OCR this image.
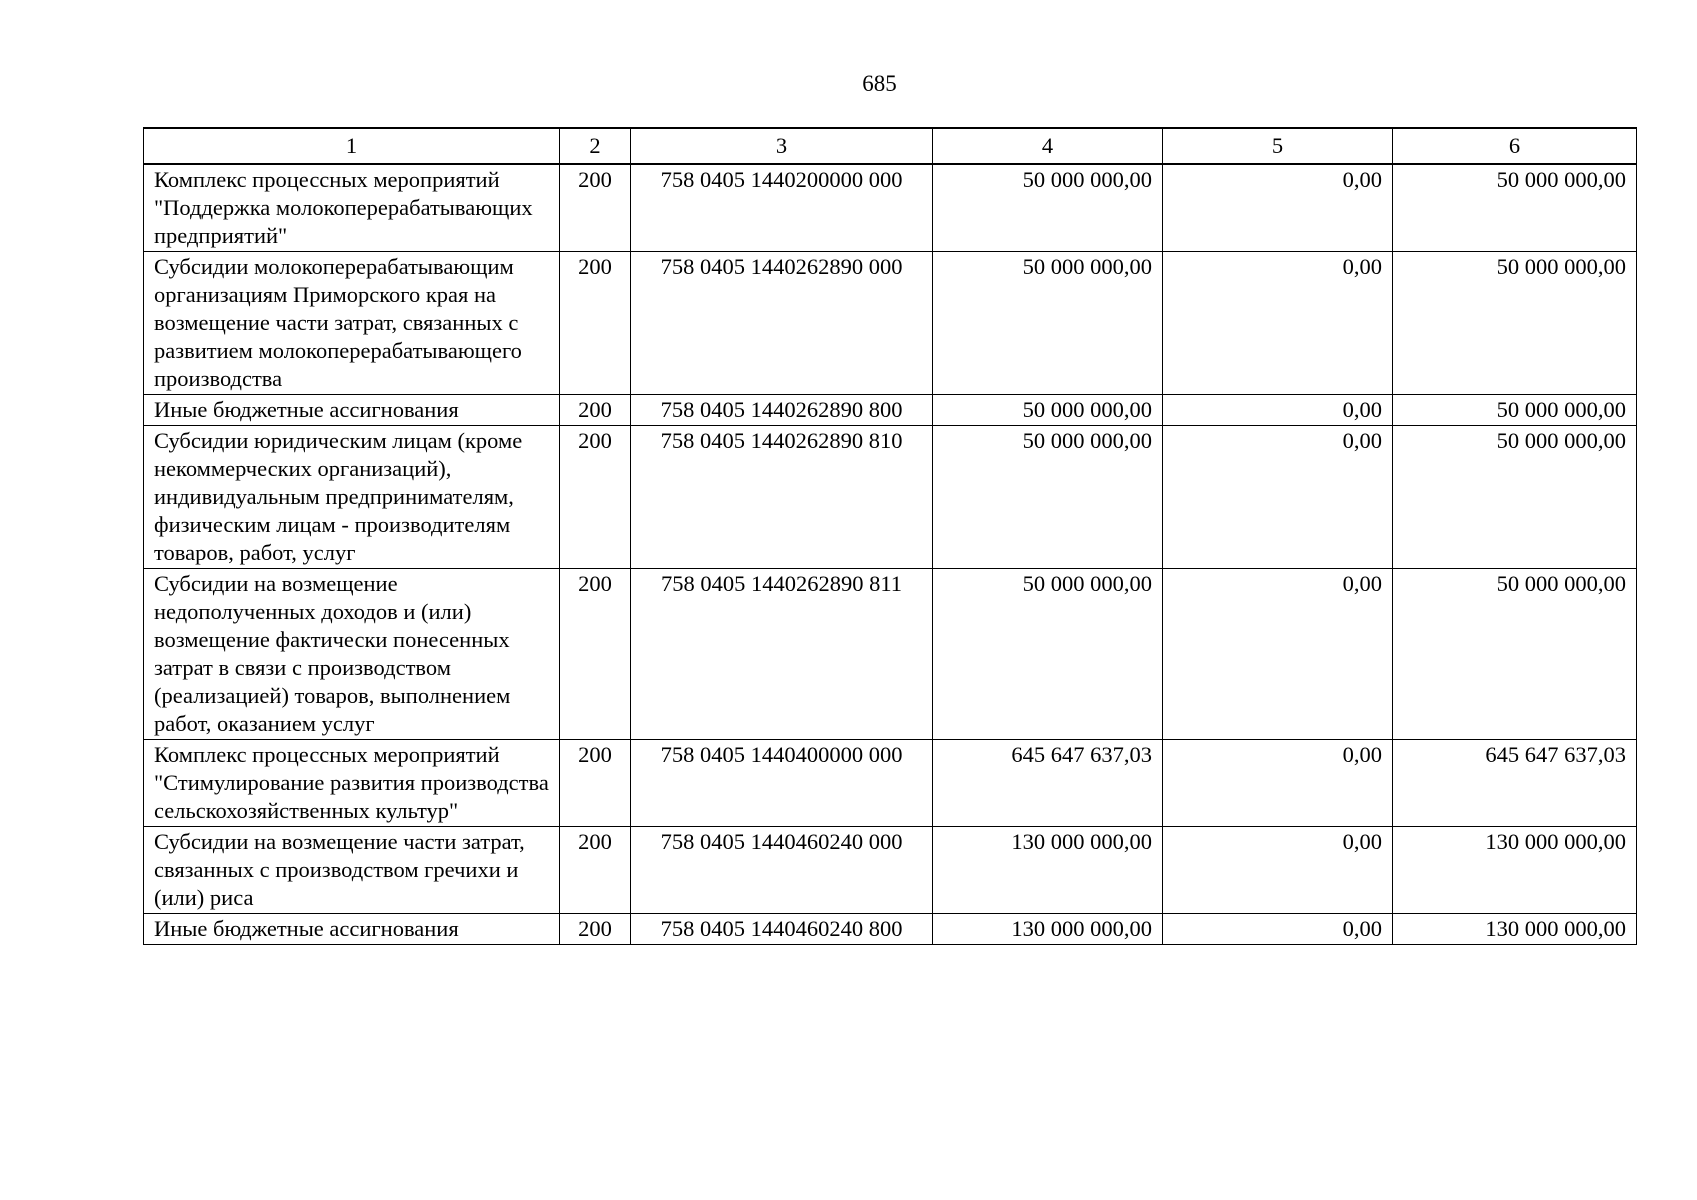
685
1	2	3	4	5	6
Комплекс процессных мероприятий "Поддержка молокоперерабатывающих предприятий"	200	758 0405 1440200000 000	50 000 000,00	0,00	50 000 000,00
Субсидии молокоперерабатывающим организациям Приморского края на возмещение части затрат, связанных с развитием молокоперерабатывающего производства	200	758 0405 1440262890 000	50 000 000,00	0,00	50 000 000,00
Иные бюджетные ассигнования	200	758 0405 1440262890 800	50 000 000,00	0,00	50 000 000,00
Субсидии юридическим лицам (кроме некоммерческих организаций), индивидуальным предпринимателям, физическим лицам - производителям товаров, работ, услуг	200	758 0405 1440262890 810	50 000 000,00	0,00	50 000 000,00
Субсидии на возмещение недополученных доходов и (или) возмещение фактически понесенных затрат в связи с производством (реализацией) товаров, выполнением работ, оказанием услуг	200	758 0405 1440262890 811	50 000 000,00	0,00	50 000 000,00
Комплекс процессных мероприятий "Стимулирование развития производства сельскохозяйственных культур"	200	758 0405 1440400000 000	645 647 637,03	0,00	645 647 637,03
Субсидии на возмещение части затрат, связанных с производством гречихи и (или) риса	200	758 0405 1440460240 000	130 000 000,00	0,00	130 000 000,00
Иные бюджетные ассигнования	200	758 0405 1440460240 800	130 000 000,00	0,00	130 000 000,00
